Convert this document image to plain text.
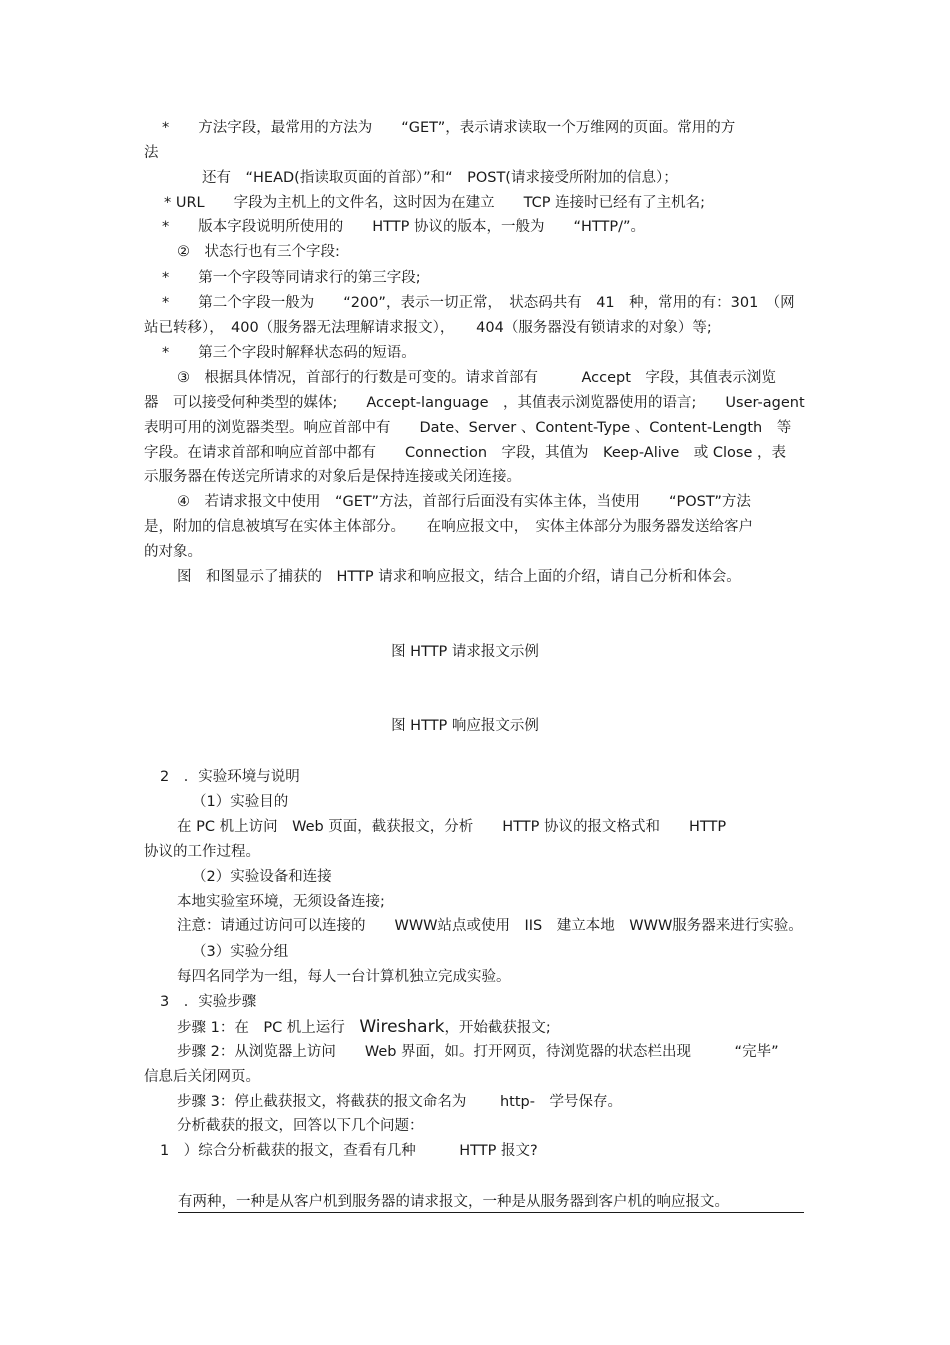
*　　方法字段，最常用的方法为　　“GET”，表示请求读取一个万维网的页面。常用的方
法
还有　“HEAD(指读取页面的首部）”和“　POST(请求接受所附加的信息）；
* URL　　字段为主机上的文件名，这时因为在建立　　TCP 连接时已经有了主机名;
*　　版本字段说明所使用的　　HTTP 协议的版本，一般为　　“HTTP/”。
②　状态行也有三个字段:
*　　第一个字段等同请求行的第三字段;
*　　第二个字段一般为　　“200”，表示一切正常，　状态码共有　41　种，常用的有：301　（网
站已转移），　400（服务器无法理解请求报文），　　404（服务器没有锁请求的对象）等;
*　　第三个字段时解释状态码的短语。
③　根据具体情况，首部行的行数是可变的。请求首部有　　　Accept　字段，其值表示浏览
器　可以接受何种类型的媒体;　　Accept-language　，其值表示浏览器使用的语言;　　User-agent
表明可用的浏览器类型。响应首部中有　　Date、Server 、Content-Type 、Content-Length　等
字段。在请求首部和响应首部中都有　　Connection　字段，其值为　Keep-Alive　或 Close ，表
示服务器在传送完所请求的对象后是保持连接或关闭连接。
④　若请求报文中使用　“GET”方法，首部行后面没有实体主体，当使用　　“POST”方法
是，附加的信息被填写在实体主体部分。　　在响应报文中，　实体主体部分为服务器发送给客户
的对象。
图　和图显示了捕获的　HTTP 请求和响应报文，结合上面的介绍，请自己分析和体会。
图 HTTP 请求报文示例
图 HTTP 响应报文示例
2　．实验环境与说明
（1）实验目的
在 PC 机上访问　Web 页面，截获报文，分析　　HTTP 协议的报文格式和　　HTTP
协议的工作过程。
（2）实验设备和连接
本地实验室环境，无须设备连接;
注意：请通过访问可以连接的　　WWW站点或使用　IIS　建立本地　WWW服务器来进行实验。
（3）实验分组
每四名同学为一组，每人一台计算机独立完成实验。
3　．实验步骤
步骤 1：在　PC 机上运行　Wireshark，开始截获报文;
步骤 2：从浏览器上访问　　Web 界面，如。打开网页，待浏览器的状态栏出现　　　“完毕”
信息后关闭网页。
步骤 3：停止截获报文，将截获的报文命名为　　 http-　学号保存。
分析截获的报文，回答以下几个问题：
1　）综合分析截获的报文，查看有几种　　　HTTP 报文?
有两种，一种是从客户机到服务器的请求报文，一种是从服务器到客户机的响应报文。
